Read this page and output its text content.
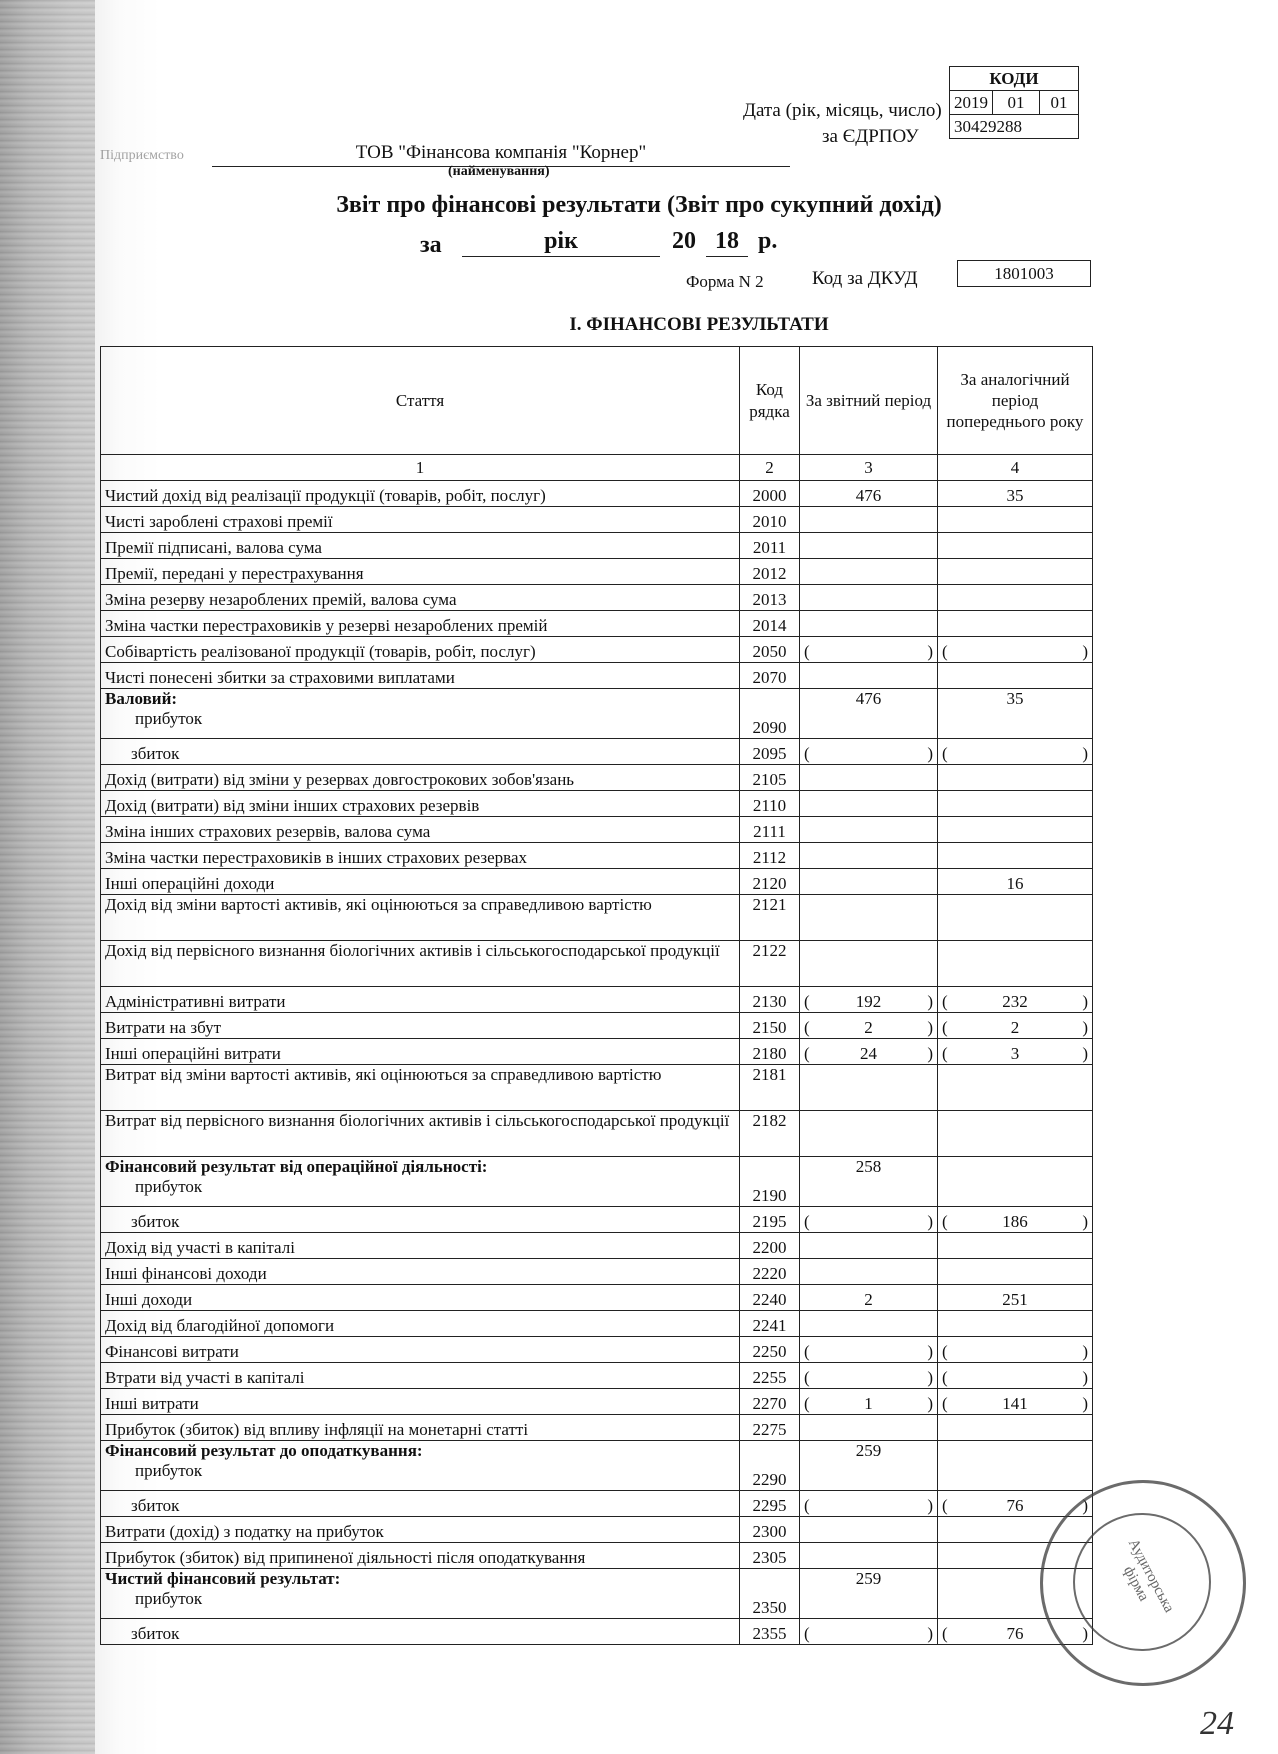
КОДИ
2019	01	01
30429288
Дата (рік, місяць, число)
за ЄДРПОУ
Підприємство	ТОВ "Фінансова компанія "Корнер"
(найменування)
Звіт про фінансові результати (Звіт про сукупний дохід)
за	рік	20 18 р.
Форма N 2	Код за ДКУД	1801003
I. ФІНАНСОВІ РЕЗУЛЬТАТИ
Стаття	Код рядка	За звітний період	За аналогічний період попереднього року
1	2	3	4
Чистий дохід від реалізації продукції (товарів, робіт, послуг)	2000	476	35
Чисті зароблені страхові премії	2010		
Премії підписані, валова сума	2011		
Премії, передані у перестрахування	2012		
Зміна резерву незароблених премій, валова сума	2013		
Зміна частки перестраховиків у резерві незароблених премій	2014		
Собівартість реалізованої продукції (товарів, робіт, послуг)	2050	( )	( )

Чисті понесені збитки за страховими виплатами	2070		

Валовий:
прибуток	2090	476	35
збиток	2095	( )	( )

Дохід (витрати) від зміни у резервах довгострокових зобов'язань	2105		
Дохід (витрати) від зміни інших страхових резервів	2110		
Зміна інших страхових резервів, валова сума	2111		
Зміна частки перестраховиків в інших страхових резервах	2112		
Інші операційні доходи	2120		16
Дохід від зміни вартості активів, які оцінюються за справедливою вартістю	2121		
Дохід від первісного визнання біологічних активів і сільськогосподарської продукції	2122		
Адміністративні витрати	2130	( 192 )	( 232 )

Витрати на збут	2150	( 2 )	( 2 )

Інші операційні витрати	2180	( 24 )	( 3 )

Витрат від зміни вартості активів, які оцінюються за справедливою вартістю	2181		
Витрат від первісного визнання біологічних активів і сільськогосподарської продукції	2182		

Фінансовий результат від операційної діяльності:
прибуток	2190	258	
збиток	2195	( )	( 186 )

Дохід від участі в капіталі	2200		
Інші фінансові доходи	2220		
Інші доходи	2240	2	251
Дохід від благодійної допомоги	2241		
Фінансові витрати	2250	( )	( )

Втрати від участі в капіталі	2255	( )	( )

Інші витрати	2270	( 1 )	( 141 )

Прибуток (збиток) від впливу інфляції на монетарні статті	2275		

Фінансовий результат до оподаткування:
прибуток	2290	259	
збиток	2295	( )	( 76 )

Витрати (дохід) з податку на прибуток	2300		
Прибуток (збиток) від припиненої діяльності після оподаткування	2305		

Чистий фінансовий результат:
прибуток	2350	259	
збиток	2355	( )	( 76 )
Аудиторська фірма
24
